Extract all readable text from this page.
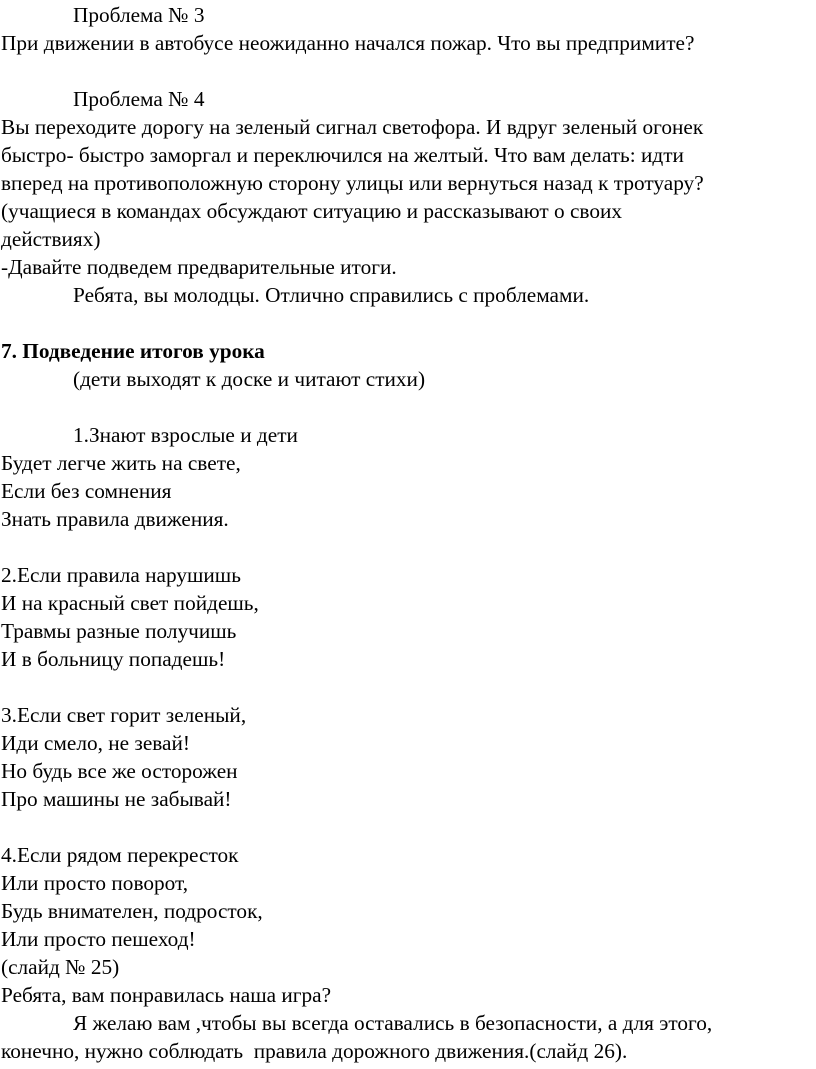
Проблема № 3
При движении в автобусе неожиданно начался пожар. Что вы предпримите?
Проблема № 4
Вы переходите дорогу на зеленый сигнал светофора. И вдруг зеленый огонек
быстро- быстро заморгал и переключился на желтый. Что вам делать: идти
вперед на противоположную сторону улицы или вернуться назад к тротуару?
(учащиеся в командах обсуждают ситуацию и рассказывают о своих
действиях)
-Давайте подведем предварительные итоги.
Ребята, вы молодцы. Отлично справились с проблемами.
7. Подведение итогов урока
(дети выходят к доске и читают стихи)
1.Знают взрослые и дети
Будет легче жить на свете,
Если без сомнения
Знать правила движения.
2.Если правила нарушишь
И на красный свет пойдешь,
Травмы разные получишь
И в больницу попадешь!
3.Если свет горит зеленый,
Иди смело, не зевай!
Но будь все же осторожен
Про машины не забывай!
4.Если рядом перекресток
Или просто поворот,
Будь внимателен, подросток,
Или просто пешеход!
(слайд № 25)
Ребята, вам понравилась наша игра?
Я желаю вам ,чтобы вы всегда оставались в безопасности, а для этого,
конечно, нужно соблюдать  правила дорожного движения.(слайд 26).
